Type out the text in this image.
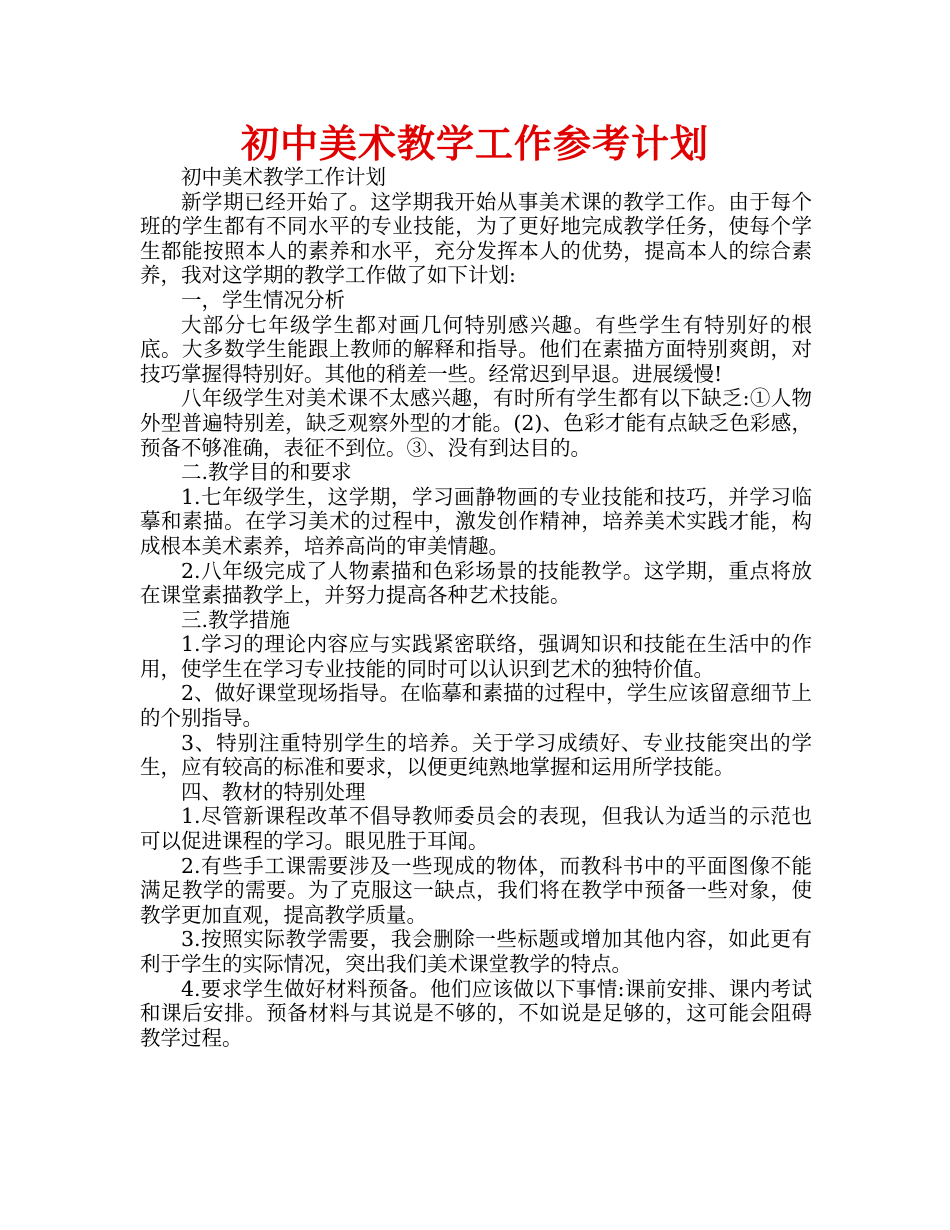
初中美术教学工作参考计划

初中美术教学工作计划

新学期已经开始了。这学期我开始从事美术课的教学工作。由于每个班的学生都有不同水平的专业技能，为了更好地完成教学任务，使每个学生都能按照本人的素养和水平，充分发挥本人的优势，提高本人的综合素养，我对这学期的教学工作做了如下计划:

一，学生情况分析

大部分七年级学生都对画几何特别感兴趣。有些学生有特别好的根底。大多数学生能跟上教师的解释和指导。他们在素描方面特别爽朗，对技巧掌握得特别好。其他的稍差一些。经常迟到早退。进展缓慢!

八年级学生对美术课不太感兴趣，有时所有学生都有以下缺乏:①人物外型普遍特别差，缺乏观察外型的才能。(2)、色彩才能有点缺乏色彩感，预备不够准确，表征不到位。③、没有到达目的。

二.教学目的和要求

1.七年级学生，这学期，学习画静物画的专业技能和技巧，并学习临摹和素描。在学习美术的过程中，激发创作精神，培养美术实践才能，构成根本美术素养，培养高尚的审美情趣。

2.八年级完成了人物素描和色彩场景的技能教学。这学期，重点将放在课堂素描教学上，并努力提高各种艺术技能。

三.教学措施

1.学习的理论内容应与实践紧密联络，强调知识和技能在生活中的作用，使学生在学习专业技能的同时可以认识到艺术的独特价值。

2、做好课堂现场指导。在临摹和素描的过程中，学生应该留意细节上的个别指导。

3、特别注重特别学生的培养。关于学习成绩好、专业技能突出的学生，应有较高的标准和要求，以便更纯熟地掌握和运用所学技能。

四、教材的特别处理

1.尽管新课程改革不倡导教师委员会的表现，但我认为适当的示范也可以促进课程的学习。眼见胜于耳闻。

2.有些手工课需要涉及一些现成的物体，而教科书中的平面图像不能满足教学的需要。为了克服这一缺点，我们将在教学中预备一些对象，使教学更加直观，提高教学质量。

3.按照实际教学需要，我会删除一些标题或增加其他内容，如此更有利于学生的实际情况，突出我们美术课堂教学的特点。

4.要求学生做好材料预备。他们应该做以下事情:课前安排、课内考试和课后安排。预备材料与其说是不够的，不如说是足够的，这可能会阻碍教学过程。
